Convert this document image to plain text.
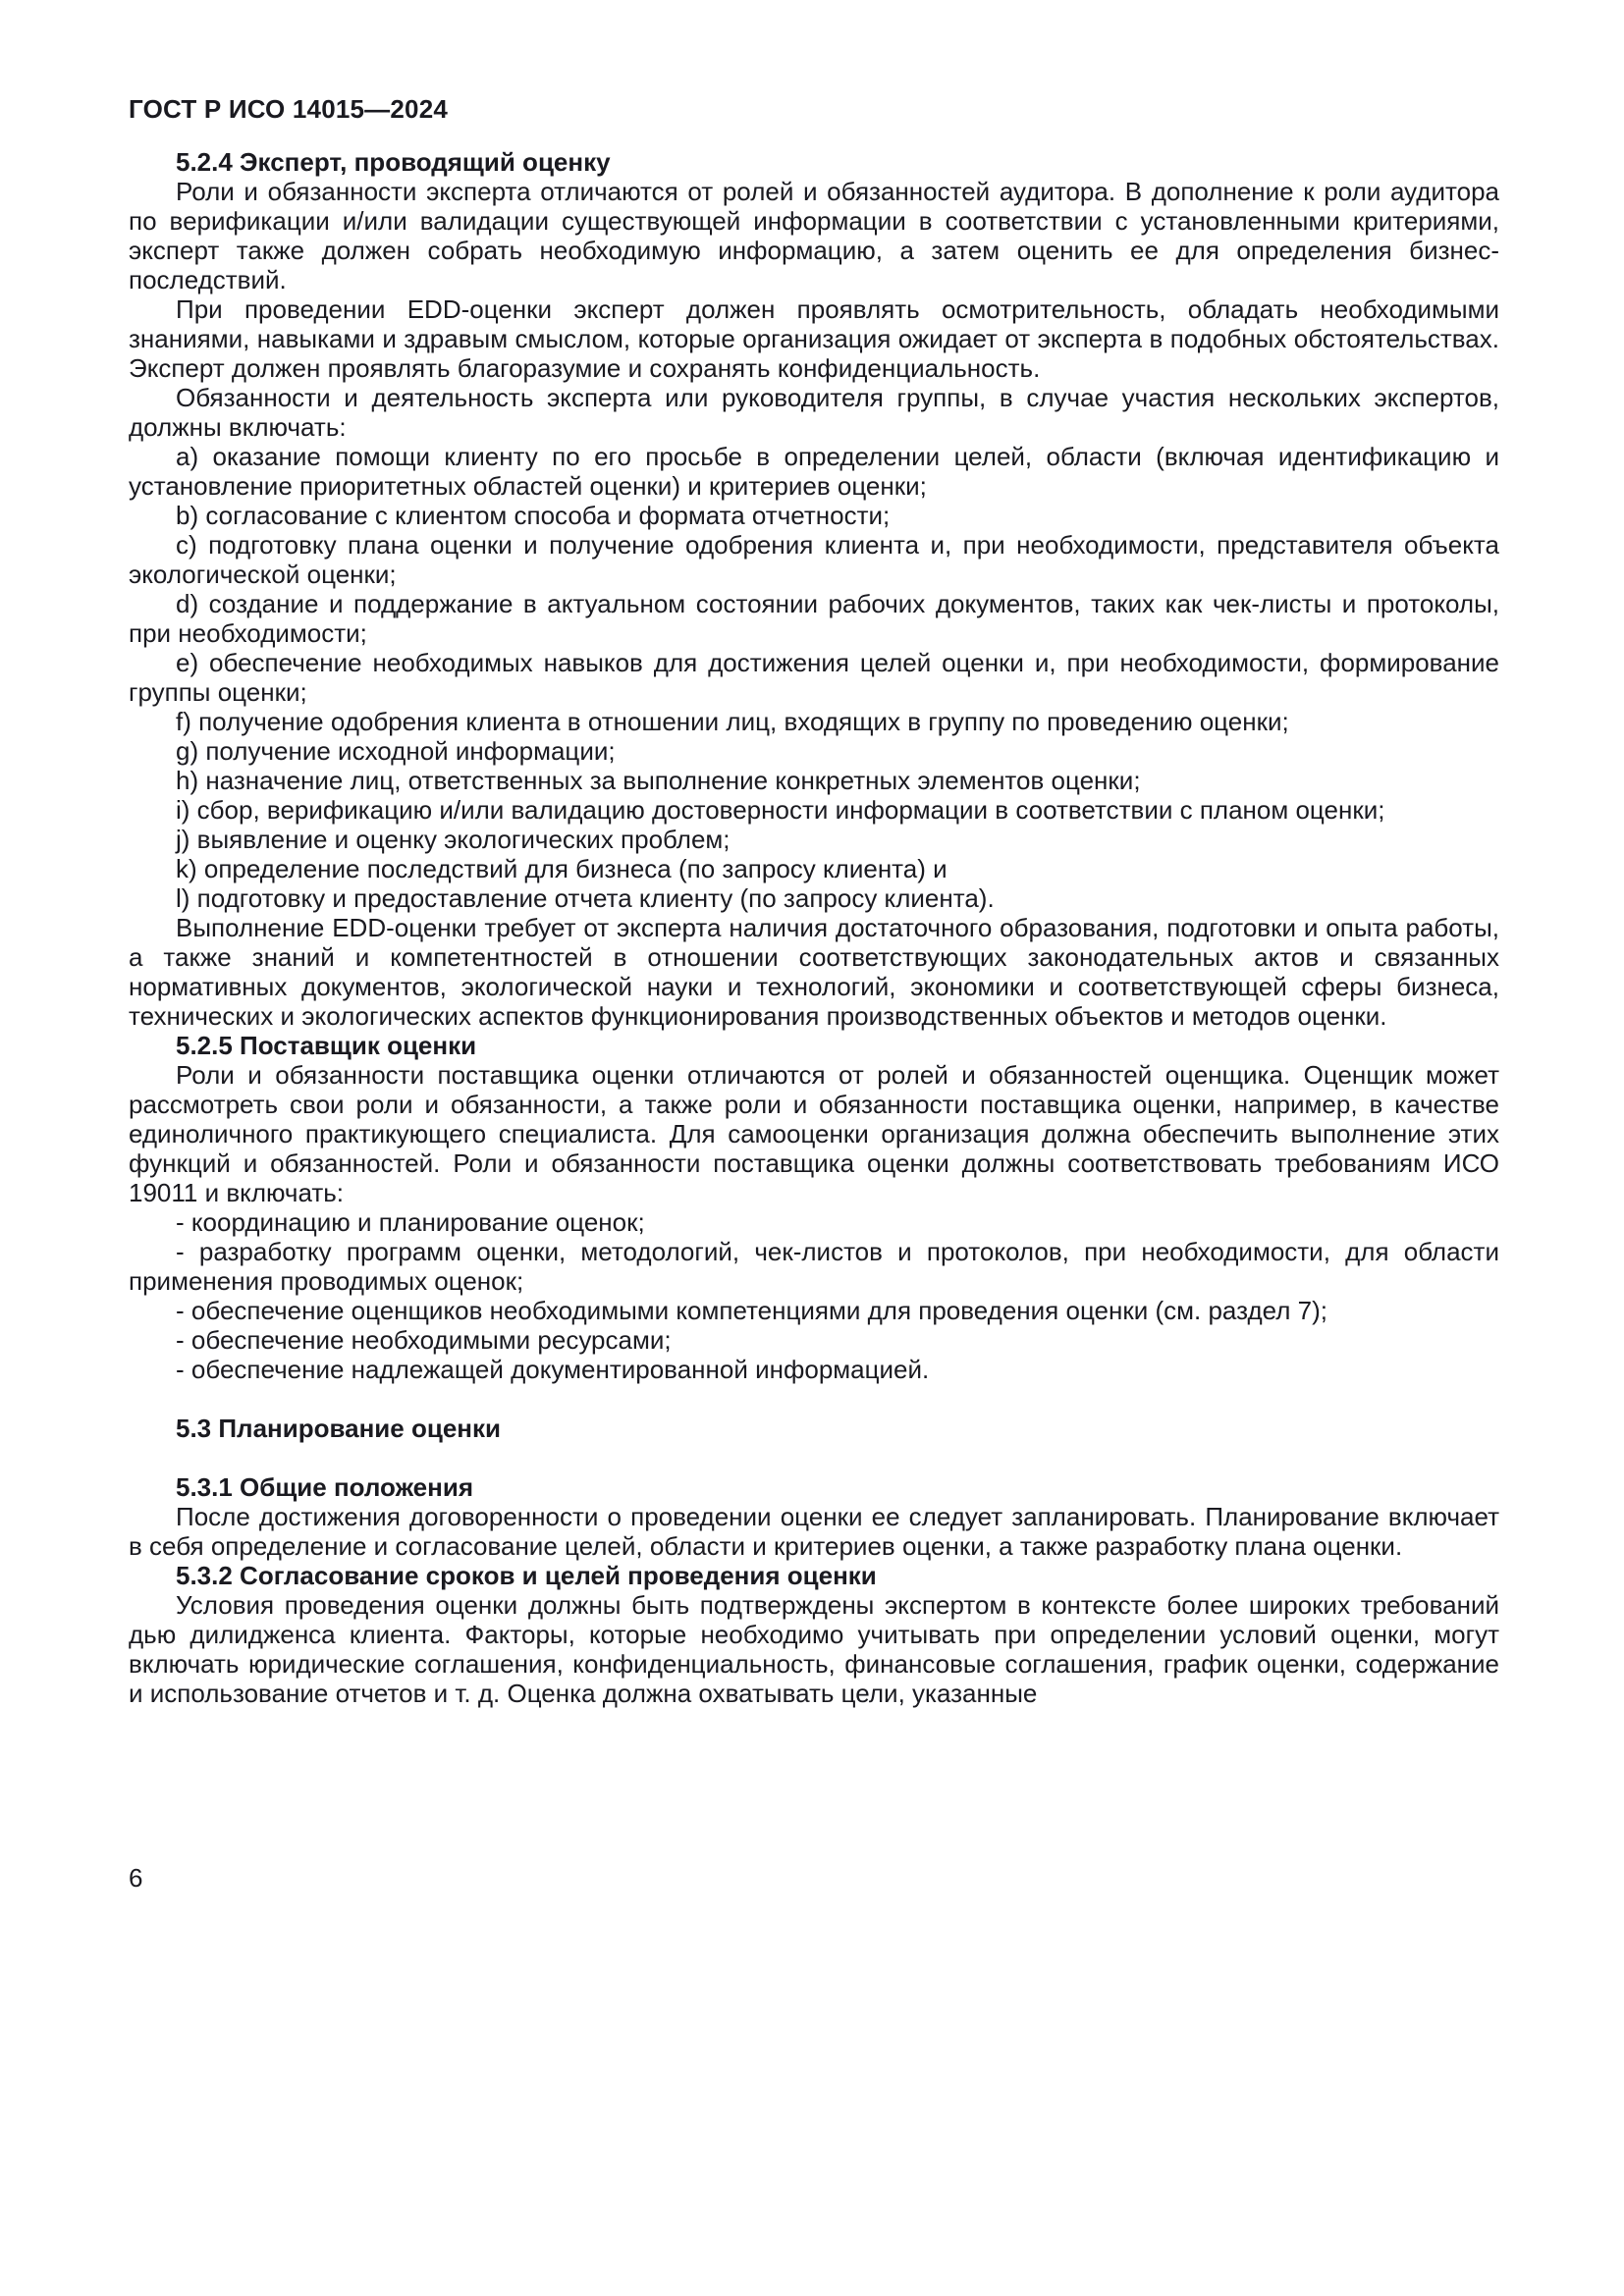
ГОСТ Р ИСО 14015—2024

5.2.4 Эксперт, проводящий оценку

Роли и обязанности эксперта отличаются от ролей и обязанностей аудитора. В дополнение к роли аудитора по верификации и/или валидации существующей информации в соответствии с установленными критериями, эксперт также должен собрать необходимую информацию, а затем оценить ее для определения бизнес-последствий.

При проведении EDD-оценки эксперт должен проявлять осмотрительность, обладать необходимыми знаниями, навыками и здравым смыслом, которые организация ожидает от эксперта в подобных обстоятельствах. Эксперт должен проявлять благоразумие и сохранять конфиденциальность.

Обязанности и деятельность эксперта или руководителя группы, в случае участия нескольких экспертов, должны включать:

a) оказание помощи клиенту по его просьбе в определении целей, области (включая идентификацию и установление приоритетных областей оценки) и критериев оценки;

b) согласование с клиентом способа и формата отчетности;

c) подготовку плана оценки и получение одобрения клиента и, при необходимости, представителя объекта экологической оценки;

d) создание и поддержание в актуальном состоянии рабочих документов, таких как чек-листы и протоколы, при необходимости;

e) обеспечение необходимых навыков для достижения целей оценки и, при необходимости, формирование группы оценки;

f) получение одобрения клиента в отношении лиц, входящих в группу по проведению оценки;

g) получение исходной информации;

h) назначение лиц, ответственных за выполнение конкретных элементов оценки;

i) сбор, верификацию и/или валидацию достоверности информации в соответствии с планом оценки;

j) выявление и оценку экологических проблем;

k) определение последствий для бизнеса (по запросу клиента) и

l) подготовку и предоставление отчета клиенту (по запросу клиента).

Выполнение EDD-оценки требует от эксперта наличия достаточного образования, подготовки и опыта работы, а также знаний и компетентностей в отношении соответствующих законодательных актов и связанных нормативных документов, экологической науки и технологий, экономики и соответствующей сферы бизнеса, технических и экологических аспектов функционирования производственных объектов и методов оценки.

5.2.5 Поставщик оценки

Роли и обязанности поставщика оценки отличаются от ролей и обязанностей оценщика. Оценщик может рассмотреть свои роли и обязанности, а также роли и обязанности поставщика оценки, например, в качестве единоличного практикующего специалиста. Для самооценки организация должна обеспечить выполнение этих функций и обязанностей. Роли и обязанности поставщика оценки должны соответствовать требованиям ИСО 19011 и включать:

- координацию и планирование оценок;

- разработку программ оценки, методологий, чек-листов и протоколов, при необходимости, для области применения проводимых оценок;

- обеспечение оценщиков необходимыми компетенциями для проведения оценки (см. раздел 7);

- обеспечение необходимыми ресурсами;

- обеспечение надлежащей документированной информацией.

5.3 Планирование оценки

5.3.1 Общие положения

После достижения договоренности о проведении оценки ее следует запланировать. Планирование включает в себя определение и согласование целей, области и критериев оценки, а также разработку плана оценки.

5.3.2 Согласование сроков и целей проведения оценки

Условия проведения оценки должны быть подтверждены экспертом в контексте более широких требований дью дилидженса клиента. Факторы, которые необходимо учитывать при определении условий оценки, могут включать юридические соглашения, конфиденциальность, финансовые соглашения, график оценки, содержание и использование отчетов и т. д. Оценка должна охватывать цели, указанные

6
